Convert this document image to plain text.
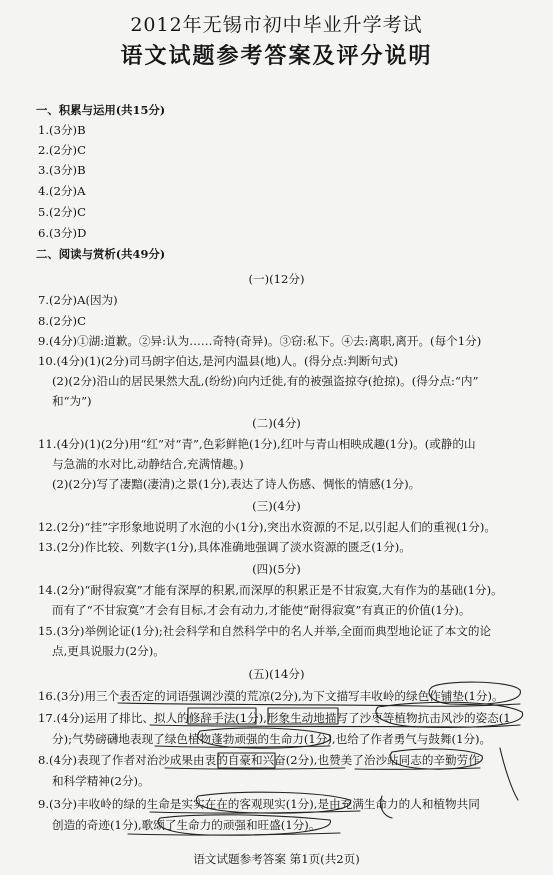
2012年无锡市初中毕业升学考试
语文试题参考答案及评分说明
一、积累与运用(共15分)
1.(3分)B
2.(2分)C
3.(3分)B
4.(2分)A
5.(2分)C
6.(3分)D
二、阅读与赏析(共49分)
(一)(12分)
7.(2分)A(因为)
8.(2分)C
9.(4分)①湖:道歉。②异:认为……奇特(奇异)。③窃:私下。④去:离职,离开。(每个1分)
10.(4分)(1)(2分)司马朗字伯达,是河内温县(地)人。(得分点:判断句式)
(2)(2分)沿山的居民果然大乱,(纷纷)向内迁徙,有的被强盗掠夺(抢掠)。(得分点:“内”
和“为”)
(二)(4分)
11.(4分)(1)(2分)用“红”对“青”,色彩鲜艳(1分),红叶与青山相映成趣(1分)。(或静的山
与急湍的水对比,动静结合,充满情趣。)
(2)(2分)写了凄黯(凄清)之景(1分),表达了诗人伤感、惆怅的情感(1分)。
(三)(4分)
12.(2分)“挂”字形象地说明了水泡的小(1分),突出水资源的不足,以引起人们的重视(1分)。
13.(2分)作比较、列数字(1分),具体准确地强调了淡水资源的匮乏(1分)。
(四)(5分)
14.(2分)“耐得寂寞”才能有深厚的积累,而深厚的积累正是不甘寂寞,大有作为的基础(1分)。
而有了“不甘寂寞”才会有目标,才会有动力,才能使“耐得寂寞”有真正的价值(1分)。
15.(3分)举例论证(1分);社会科学和自然科学中的名人并举,全面而典型地论证了本文的论
点,更具说服力(2分)。
(五)(14分)
16.(3分)用三个表否定的词语强调沙漠的荒凉(2分),为下文描写丰收岭的绿色作铺垫(1分)。
17.(4分)运用了排比、拟人的修辞手法(1分),形象生动地描写了沙枣等植物抗击风沙的姿态(1
分);气势磅礴地表现了绿色植物蓬勃顽强的生命力(1分),也给了作者勇气与鼓舞(1分)。
8.(4分)表现了作者对治沙成果由衷的自豪和兴奋(2分),也赞美了治沙站同志的辛勤劳作
和科学精神(2分)。
9.(3分)丰收岭的绿的生命是实实在在的客观现实(1分),是由充满生命力的人和植物共同
创造的奇迹(1分),歌颂了生命力的顽强和旺盛(1分)。
语文试题参考答案 第1页(共2页)
